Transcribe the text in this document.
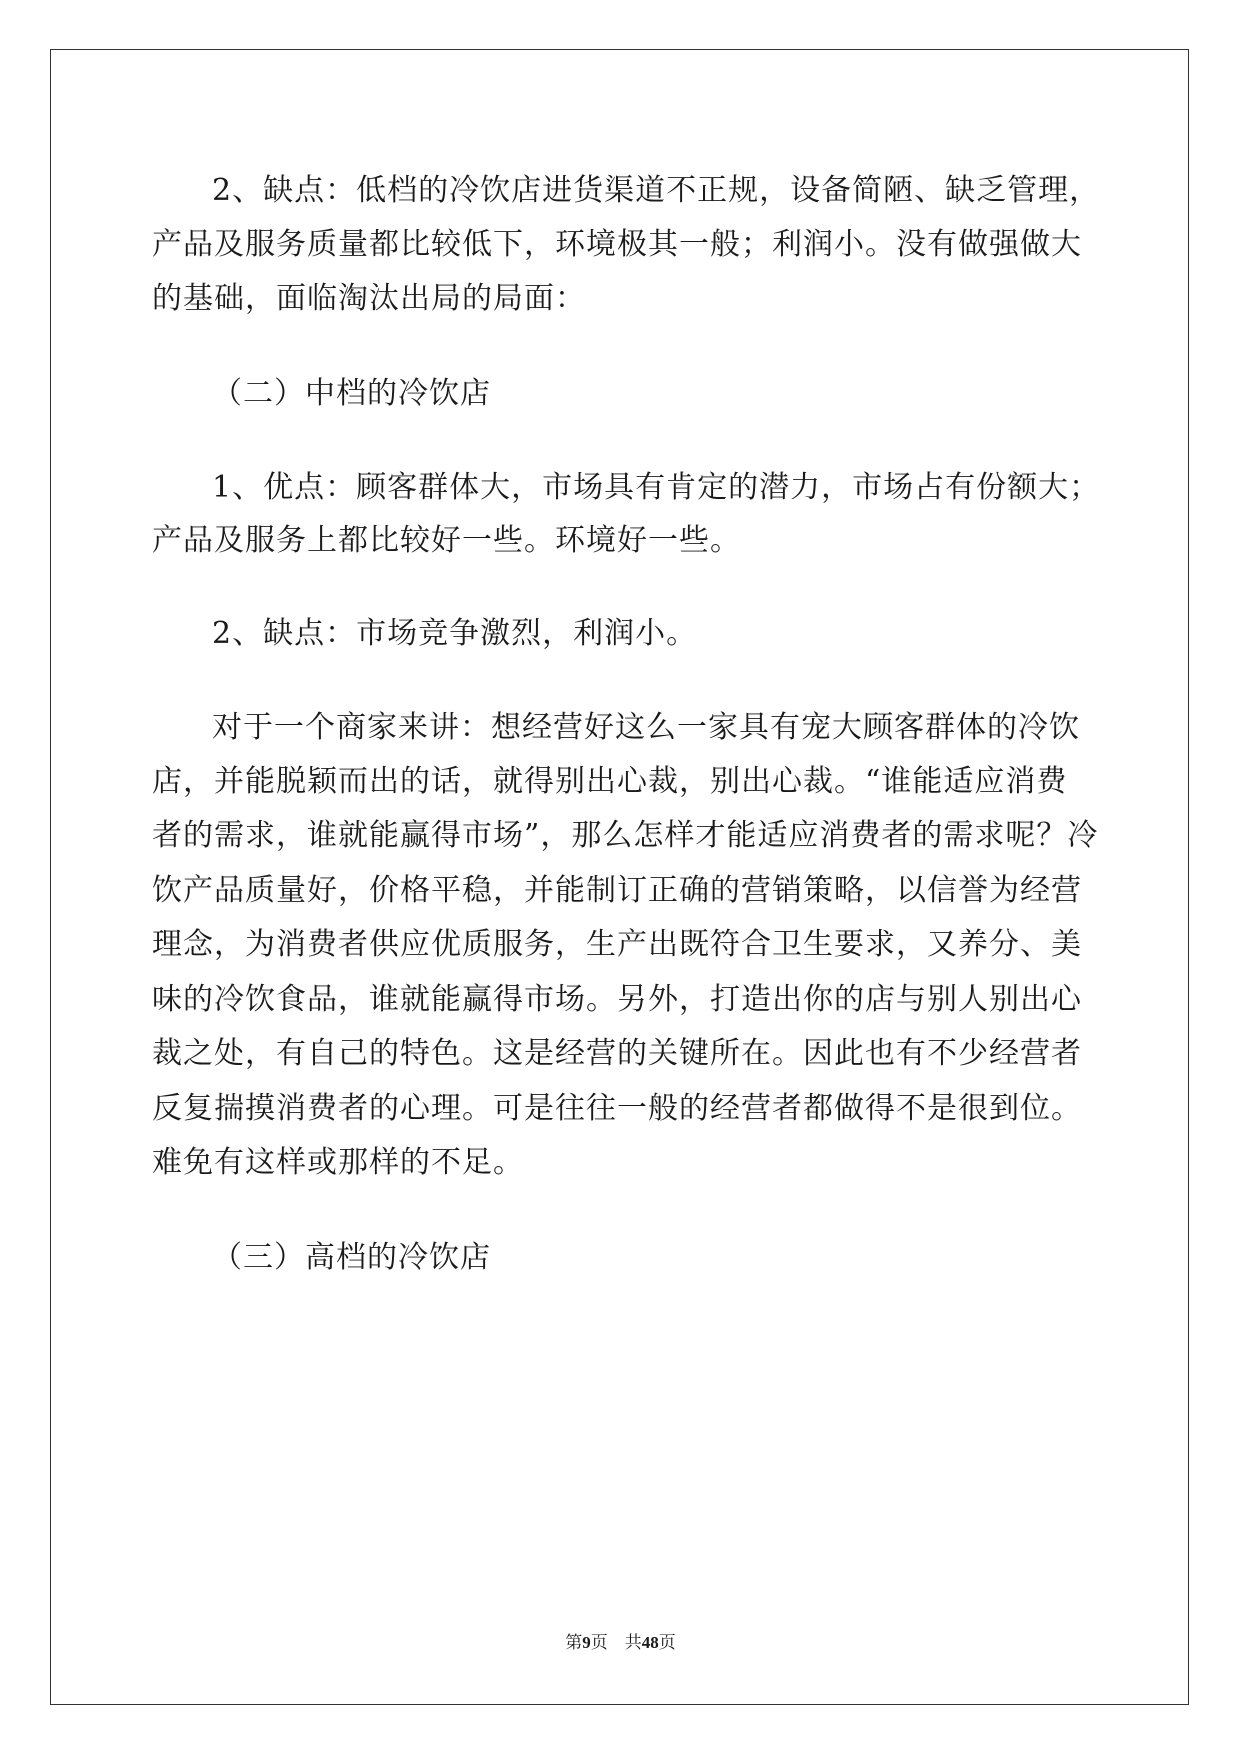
2、缺点：低档的冷饮店进货渠道不正规，设备简陋、缺乏管理，
产品及服务质量都比较低下，环境极其一般；利润小。没有做强做大
的基础，面临淘汰出局的局面：
（二）中档的冷饮店
1、优点：顾客群体大，市场具有肯定的潜力，市场占有份额大；
产品及服务上都比较好一些。环境好一些。
2、缺点：市场竞争激烈，利润小。
对于一个商家来讲：想经营好这么一家具有宠大顾客群体的冷饮
店，并能脱颖而出的话，就得别出心裁，别出心裁。“谁能适应消费
者的需求，谁就能赢得市场”，那么怎样才能适应消费者的需求呢？冷
饮产品质量好，价格平稳，并能制订正确的营销策略，以信誉为经营
理念，为消费者供应优质服务，生产出既符合卫生要求，又养分、美
味的冷饮食品，谁就能赢得市场。另外，打造出你的店与别人别出心
裁之处，有自己的特色。这是经营的关键所在。因此也有不少经营者
反复揣摸消费者的心理。可是往往一般的经营者都做得不是很到位。
难免有这样或那样的不足。
（三）高档的冷饮店
第9页 共48页
